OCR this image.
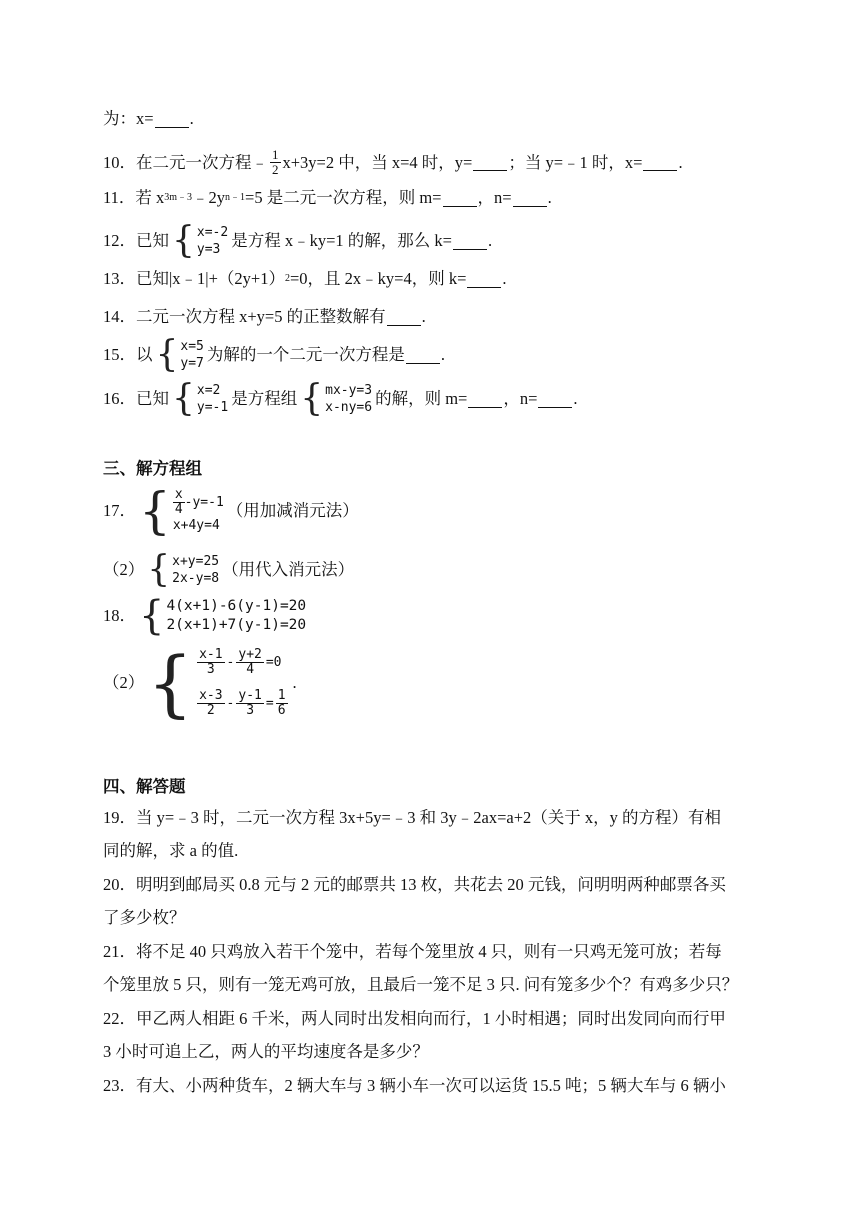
为：x= .
10．在二元一次方程﹣ $\frac{1}{2} x+3y=2$ 中，当 x=4 时，y= ；当 y=﹣1 时，x= .
11．若 x 3m﹣3 ﹣2y n﹣1 =5 是二元一次方程，则 m= ，n= .
12．已知 { x=-2
y=3 是方程 x﹣ky=1 的解，那么 k= .
13．已知|x﹣1|+（2y+1） 2 =0，且 2x﹣ky=4，则 k= .
14．二元一次方程 x+y=5 的正整数解有 .
15．以 { x=5
y=7 为解的一个二元一次方程是 .
16．已知 { x=2
y=-1 是方程组 { mx-y=3
x-ny=6 的解，则 m= ，n= .
三、解方程组
17． { $\frac{x}{4} -y=-1$
x+4y=4
（用加减消元法）
（2） { x+y=25
2x-y=8 （用代入消元法）
18． { 4(x+1)-6(y-1)=20
2(x+1)+7(y-1)=20
（2） { $\frac{x-1}{3} - \frac{y+2}{4} =0$
$\frac{x-3}{2} - \frac{y-1}{3} = \frac{1}{6}$
.
四、解答题
19．当 y=﹣3 时，二元一次方程 3x+5y=﹣3 和 3y﹣2ax=a+2（关于 x，y 的方程）有相
同的解，求 a 的值.
20．明明到邮局买 0.8 元与 2 元的邮票共 13 枚，共花去 20 元钱，问明明两种邮票各买
了多少枚？
21．将不足 40 只鸡放入若干个笼中，若每个笼里放 4 只，则有一只鸡无笼可放；若每
个笼里放 5 只，则有一笼无鸡可放，且最后一笼不足 3 只. 问有笼多少个？有鸡多少只？
22．甲乙两人相距 6 千米，两人同时出发相向而行，1 小时相遇；同时出发同向而行甲
3 小时可追上乙，两人的平均速度各是多少？
23．有大、小两种货车，2 辆大车与 3 辆小车一次可以运货 15.5 吨；5 辆大车与 6 辆小
